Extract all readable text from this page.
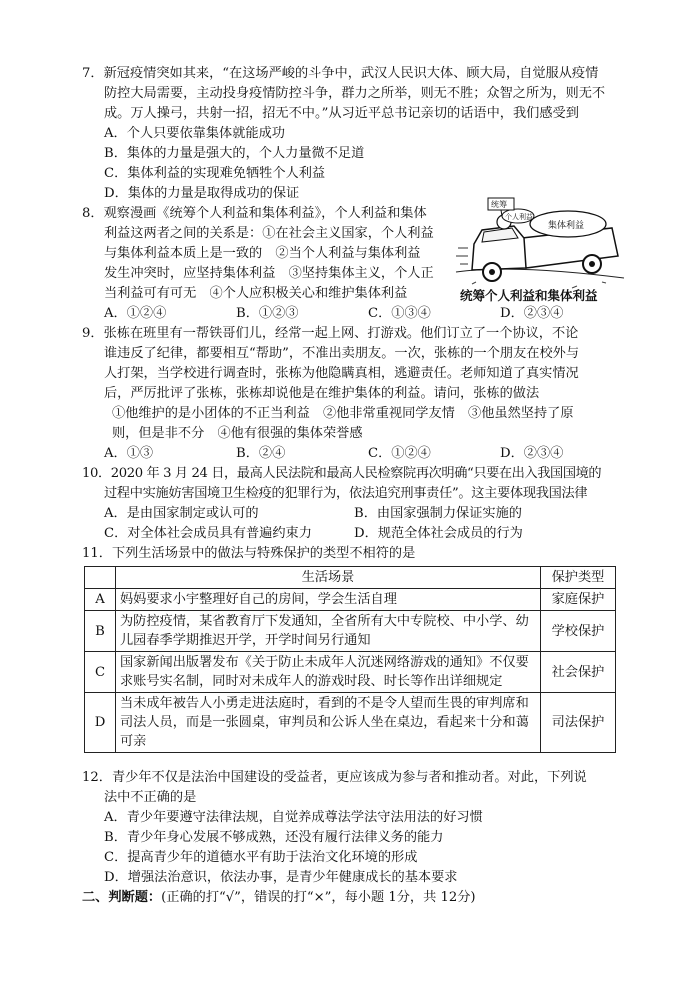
7．新冠疫情突如其来，“在这场严峻的斗争中，武汉人民识大体、顾大局，自觉服从疫情

防控大局需要，主动投身疫情防控斗争，群力之所举，则无不胜；众智之所为，则无不

成。万人操弓，共射一招，招无不中。”从习近平总书记亲切的话语中，我们感受到

A．个人只要依靠集体就能成功

B．集体的力量是强大的，个人力量微不足道

C．集体利益的实现难免牺牲个人利益

D．集体的力量是取得成功的保证

8．观察漫画《统筹个人利益和集体利益》，个人利益和集体

利益这两者之间的关系是：①在社会主义国家，个人利益

与集体利益本质上是一致的　②当个人利益与集体利益

发生冲突时，应坚持集体利益　③坚持集体主义，个人正

当利益可有可无　④个人应积极关心和维护集体利益

A．①②④	B．①②③	C．①③④	D．②③④
集体利益
个人利益
统筹
统筹个人利益和集体利益

9．张栋在班里有一帮铁哥们儿，经常一起上网、打游戏。他们订立了一个协议，不论

谁违反了纪律，都要相互“帮助”，不准出卖朋友。一次，张栋的一个朋友在校外与

人打架，当学校进行调查时，张栋为他隐瞒真相，逃避责任。老师知道了真实情况

后，严厉批评了张栋，张栋却说他是在维护集体的利益。请问，张栋的做法

①他维护的是小团体的不正当利益　②他非常重视同学友情　③他虽然坚持了原

则，但是非不分　④他有很强的集体荣誉感

A．①③	B．②④	C．①②④	D．②③④

10．2020 年 3 月 24 日，最高人民法院和最高人民检察院再次明确“只要在出入我国国境的

过程中实施妨害国境卫生检疫的犯罪行为，依法追究刑事责任”。这主要体现我国法律

A．是由国家制定或认可的	B．由国家强制力保证实施的
C．对全体社会成员具有普遍约束力	D．规范全体社会成员的行为

11．下列生活场景中的做法与特殊保护的类型不相符的是

	生活场景	保护类型
A	妈妈要求小宇整理好自己的房间，学会生活自理	家庭保护
B	为防控疫情，某省教育厅下发通知，全省所有大中专院校、中小学、幼儿园春季学期推迟开学，开学时间另行通知	学校保护
C	国家新闻出版署发布《关于防止未成年人沉迷网络游戏的通知》不仅要求账号实名制，同时对未成年人的游戏时段、时长等作出详细规定	社会保护
D	当未成年被告人小勇走进法庭时，看到的不是令人望而生畏的审判席和司法人员，而是一张圆桌，审判员和公诉人坐在桌边，看起来十分和蔼可亲	司法保护

12．青少年不仅是法治中国建设的受益者，更应该成为参与者和推动者。对此，下列说

法中不正确的是

A．青少年要遵守法律法规，自觉养成尊法学法守法用法的好习惯

B．青少年身心发展不够成熟，还没有履行法律义务的能力

C．提高青少年的道德水平有助于法治文化环境的形成

D．增强法治意识，依法办事，是青少年健康成长的基本要求

二、判断题：(正确的打“√”，错误的打“×”，每小题 1分，共 12分)
